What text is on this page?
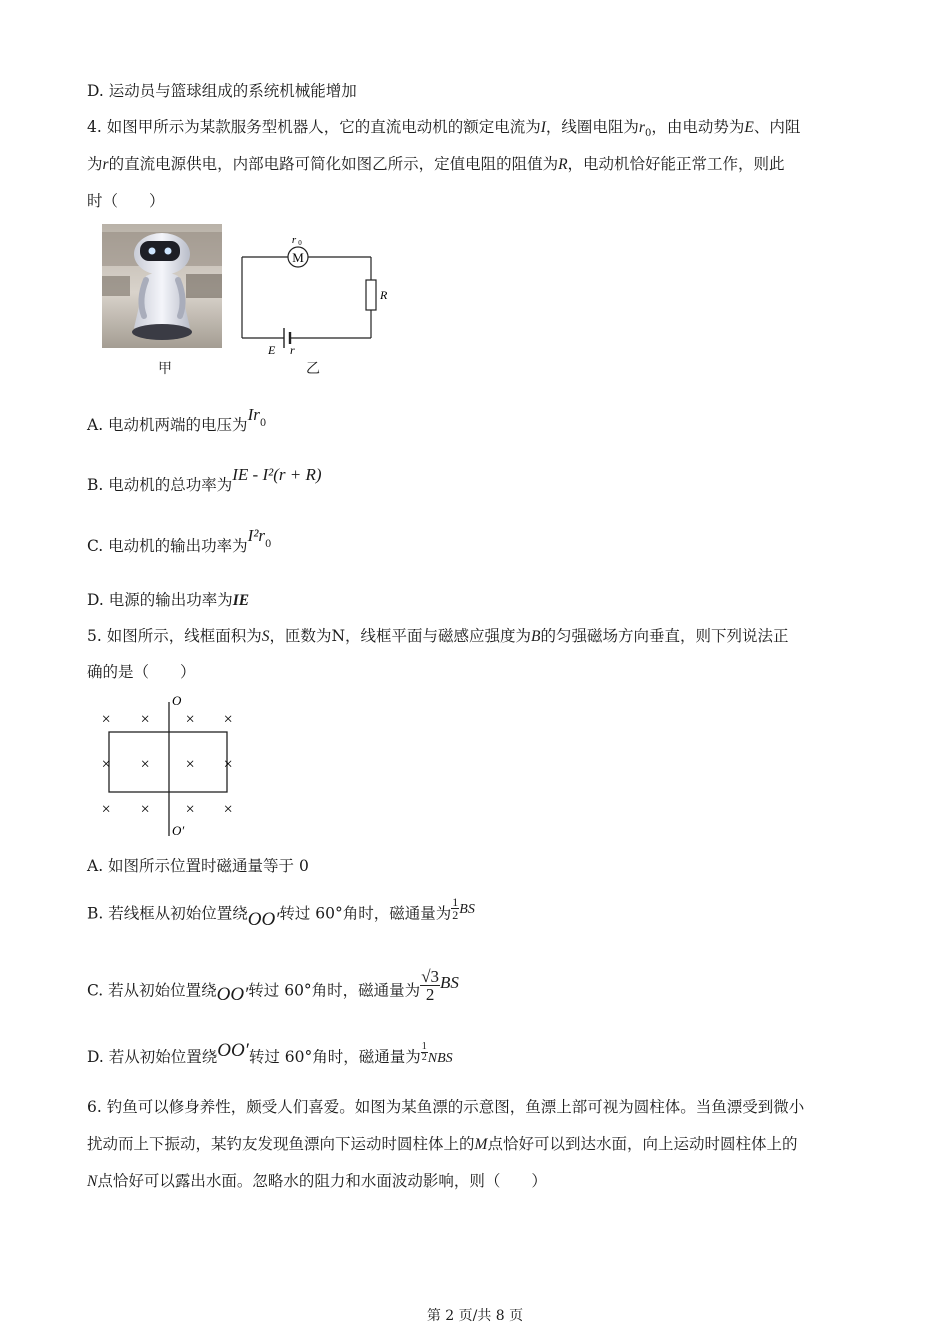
D. 运动员与篮球组成的系统机械能增加
4. 如图甲所示为某款服务型机器人，它的直流电动机的额定电流为I，线圈电阻为$r_0$，由电动势为E、内阻
为r的直流电源供电，内部电路可简化如图乙所示，定值电阻的阻值为R，电动机恰好能正常工作，则此
时（　　）
M
r 0
R
E r
甲	乙
A. 电动机两端的电压为$Ir_0$
B. 电动机的总功率为IE - I²(r + R)
C. 电动机的输出功率为$I^2r_0$
D. 电源的输出功率为IE
5. 如图所示，线框面积为S，匝数为N，线框平面与磁感应强度为B的匀强磁场方向垂直，则下列说法正
确的是（　　）
O
O′
× × × ×
× × × ×
× × × ×
A. 如图所示位置时磁通量等于 0
B. 若线框从初始位置绕OO′转过 60°角时，磁通量为 $\frac{1}{2}$ BS
C. 若从初始位置绕OO′转过 60°角时，磁通量为 $\frac{√3}{2}$ BS
D. 若从初始位置绕OO′转过 60°角时，磁通量为 $\frac{1}{2}$ NBS
6. 钓鱼可以修身养性，颇受人们喜爱。如图为某鱼漂的示意图，鱼漂上部可视为圆柱体。当鱼漂受到微小
扰动而上下振动，某钓友发现鱼漂向下运动时圆柱体上的M点恰好可以到达水面，向上运动时圆柱体上的
N点恰好可以露出水面。忽略水的阻力和水面波动影响，则（　　）
第 2 页/共 8 页
